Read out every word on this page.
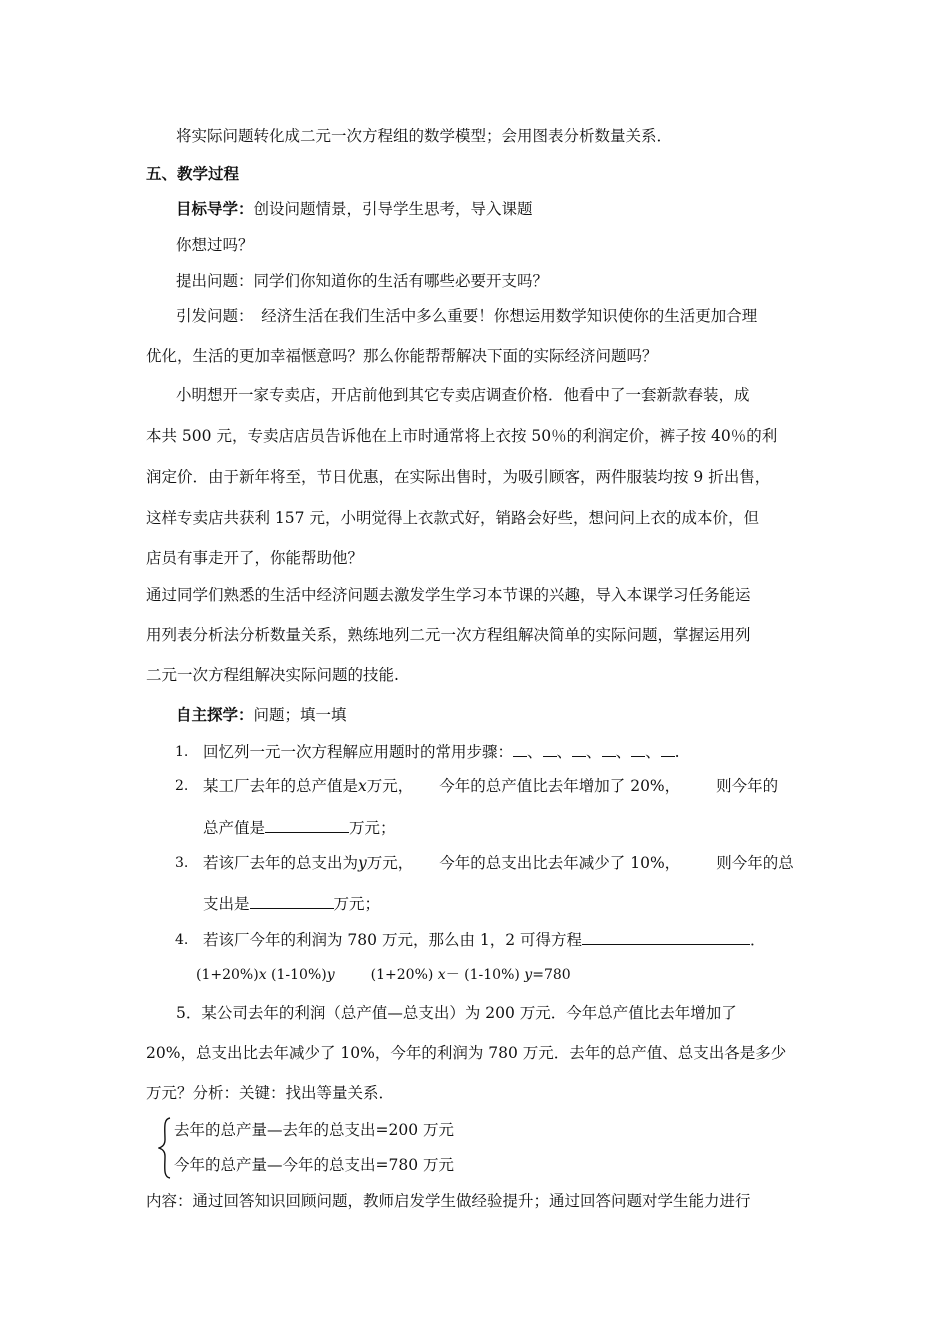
将实际问题转化成二元一次方程组的数学模型；会用图表分析数量关系．
五、教学过程
目标导学：创设问题情景，引导学生思考，导入课题
你想过吗？
提出问题：同学们你知道你的生活有哪些必要开支吗？
引发问题：　经济生活在我们生活中多么重要！你想运用数学知识使你的生活更加合理
优化，生活的更加幸福惬意吗？那么你能帮帮解决下面的实际经济问题吗？
小明想开一家专卖店，开店前他到其它专卖店调查价格．他看中了一套新款春装，成
本共 500 元，专卖店店员告诉他在上市时通常将上衣按 50％的利润定价，裤子按 40％的利
润定价．由于新年将至，节日优惠，在实际出售时，为吸引顾客，两件服装均按 9 折出售，
这样专卖店共获利 157 元，小明觉得上衣款式好，销路会好些，想问问上衣的成本价，但
店员有事走开了，你能帮助他？
通过同学们熟悉的生活中经济问题去激发学生学习本节课的兴趣，导入本课学习任务能运
用列表分析法分析数量关系，熟练地列二元一次方程组解决简单的实际问题，掌握运用列
二元一次方程组解决实际问题的技能.
自主探学：问题；填一填
1. 回忆列一元一次方程解应用题时的常用步骤： 、 、 、 、 、 .
2. 某工厂去年的总产值是x万元， 今年的总产值比去年增加了 20%， 则今年的
总产值是	万元；
3. 若该厂去年的总支出为y万元， 今年的总支出比去年减少了 10%， 则今年的总
支出是	万元；
4. 若该厂今年的利润为 780 万元，那么由 1，2 可得方程	．
(1+20%)x (1-10%)y	(1+20%) x－ (1-10%) y=780
5．某公司去年的利润（总产值—总支出）为 200 万元．今年总产值比去年增加了
20%，总支出比去年减少了 10%，今年的利润为 780 万元．去年的总产值、总支出各是多少
万元？分析：关键：找出等量关系．
去年的总产量—去年的总支出=200 万元
今年的总产量—今年的总支出=780 万元
内容：通过回答知识回顾问题，教师启发学生做经验提升；通过回答问题对学生能力进行
